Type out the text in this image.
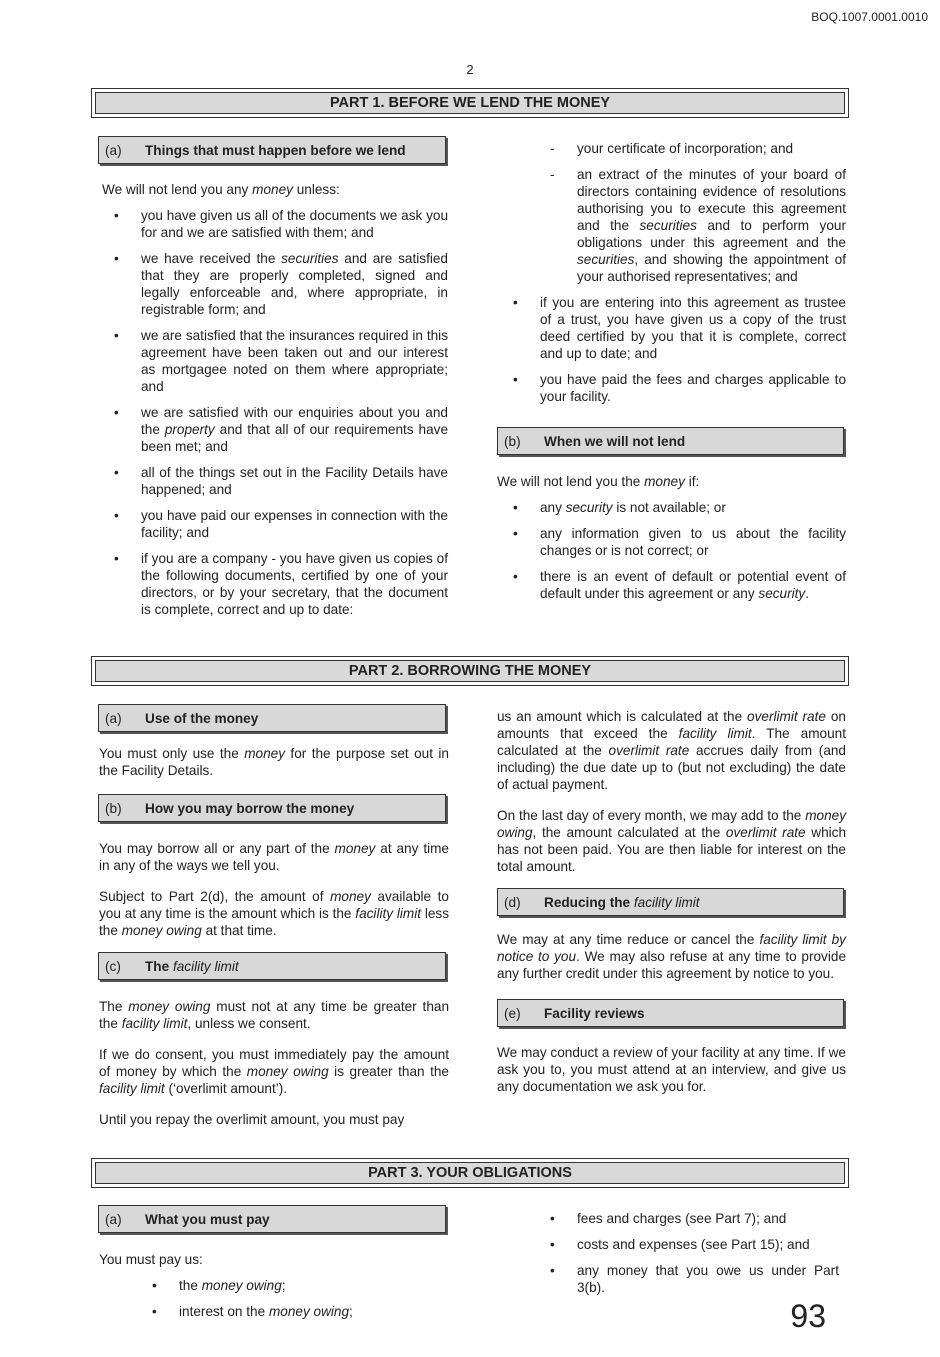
BOQ.1007.0001.0010
2
PART 1. BEFORE WE LEND THE MONEY
(a)	Things that must happen before we lend
We will not lend you any money unless:
• you have given us all of the documents we ask you for and we are satisfied with them; and
• we have received the securities and are satisfied that they are properly completed, signed and legally enforceable and, where appropriate, in registrable form; and
• we are satisfied that the insurances required in this agreement have been taken out and our interest as mortgagee noted on them where appropriate; and
• we are satisfied with our enquiries about you and the property and that all of our requirements have been met; and
• all of the things set out in the Facility Details have happened; and
• you have paid our expenses in connection with the facility; and
• if you are a company - you have given us copies of the following documents, certified by one of your directors, or by your secretary, that the document is complete, correct and up to date:
- your certificate of incorporation; and
- an extract of the minutes of your board of directors containing evidence of resolutions authorising you to execute this agreement and the securities and to perform your obligations under this agreement and the securities, and showing the appointment of your authorised representatives; and
• if you are entering into this agreement as trustee of a trust, you have given us a copy of the trust deed certified by you that it is complete, correct and up to date; and
• you have paid the fees and charges applicable to your facility.
(b)	When we will not lend
We will not lend you the money if:
• any security is not available; or
• any information given to us about the facility changes or is not correct; or
• there is an event of default or potential event of default under this agreement or any security.
PART 2. BORROWING THE MONEY
(a)	Use of the money
You must only use the money for the purpose set out in the Facility Details.
(b)	How you may borrow the money

You may borrow all or any part of the money at any time in any of the ways we tell you.

Subject to Part 2(d), the amount of money available to you at any time is the amount which is the facility limit less the money owing at that time.

(c)	The facility limit

The money owing must not at any time be greater than the facility limit, unless we consent.

If we do consent, you must immediately pay the amount of money by which the money owing is greater than the facility limit (‘overlimit amount’).

Until you repay the overlimit amount, you must pay

us an amount which is calculated at the overlimit rate on amounts that exceed the facility limit. The amount calculated at the overlimit rate accrues daily from (and including) the due date up to (but not excluding) the date of actual payment.

On the last day of every month, we may add to the money owing, the amount calculated at the overlimit rate which has not been paid. You are then liable for interest on the total amount.

(d)	Reducing the facility limit
We may at any time reduce or cancel the facility limit by notice to you. We may also refuse at any time to provide any further credit under this agreement by notice to you.
(e)	Facility reviews
We may conduct a review of your facility at any time. If we ask you to, you must attend at an interview, and give us any documentation we ask you for.
PART 3. YOUR OBLIGATIONS
(a)	What you must pay
You must pay us:
• the money owing;
• interest on the money owing;
• fees and charges (see Part 7); and
• costs and expenses (see Part 15); and
• any money that you owe us under Part 3(b).
93
